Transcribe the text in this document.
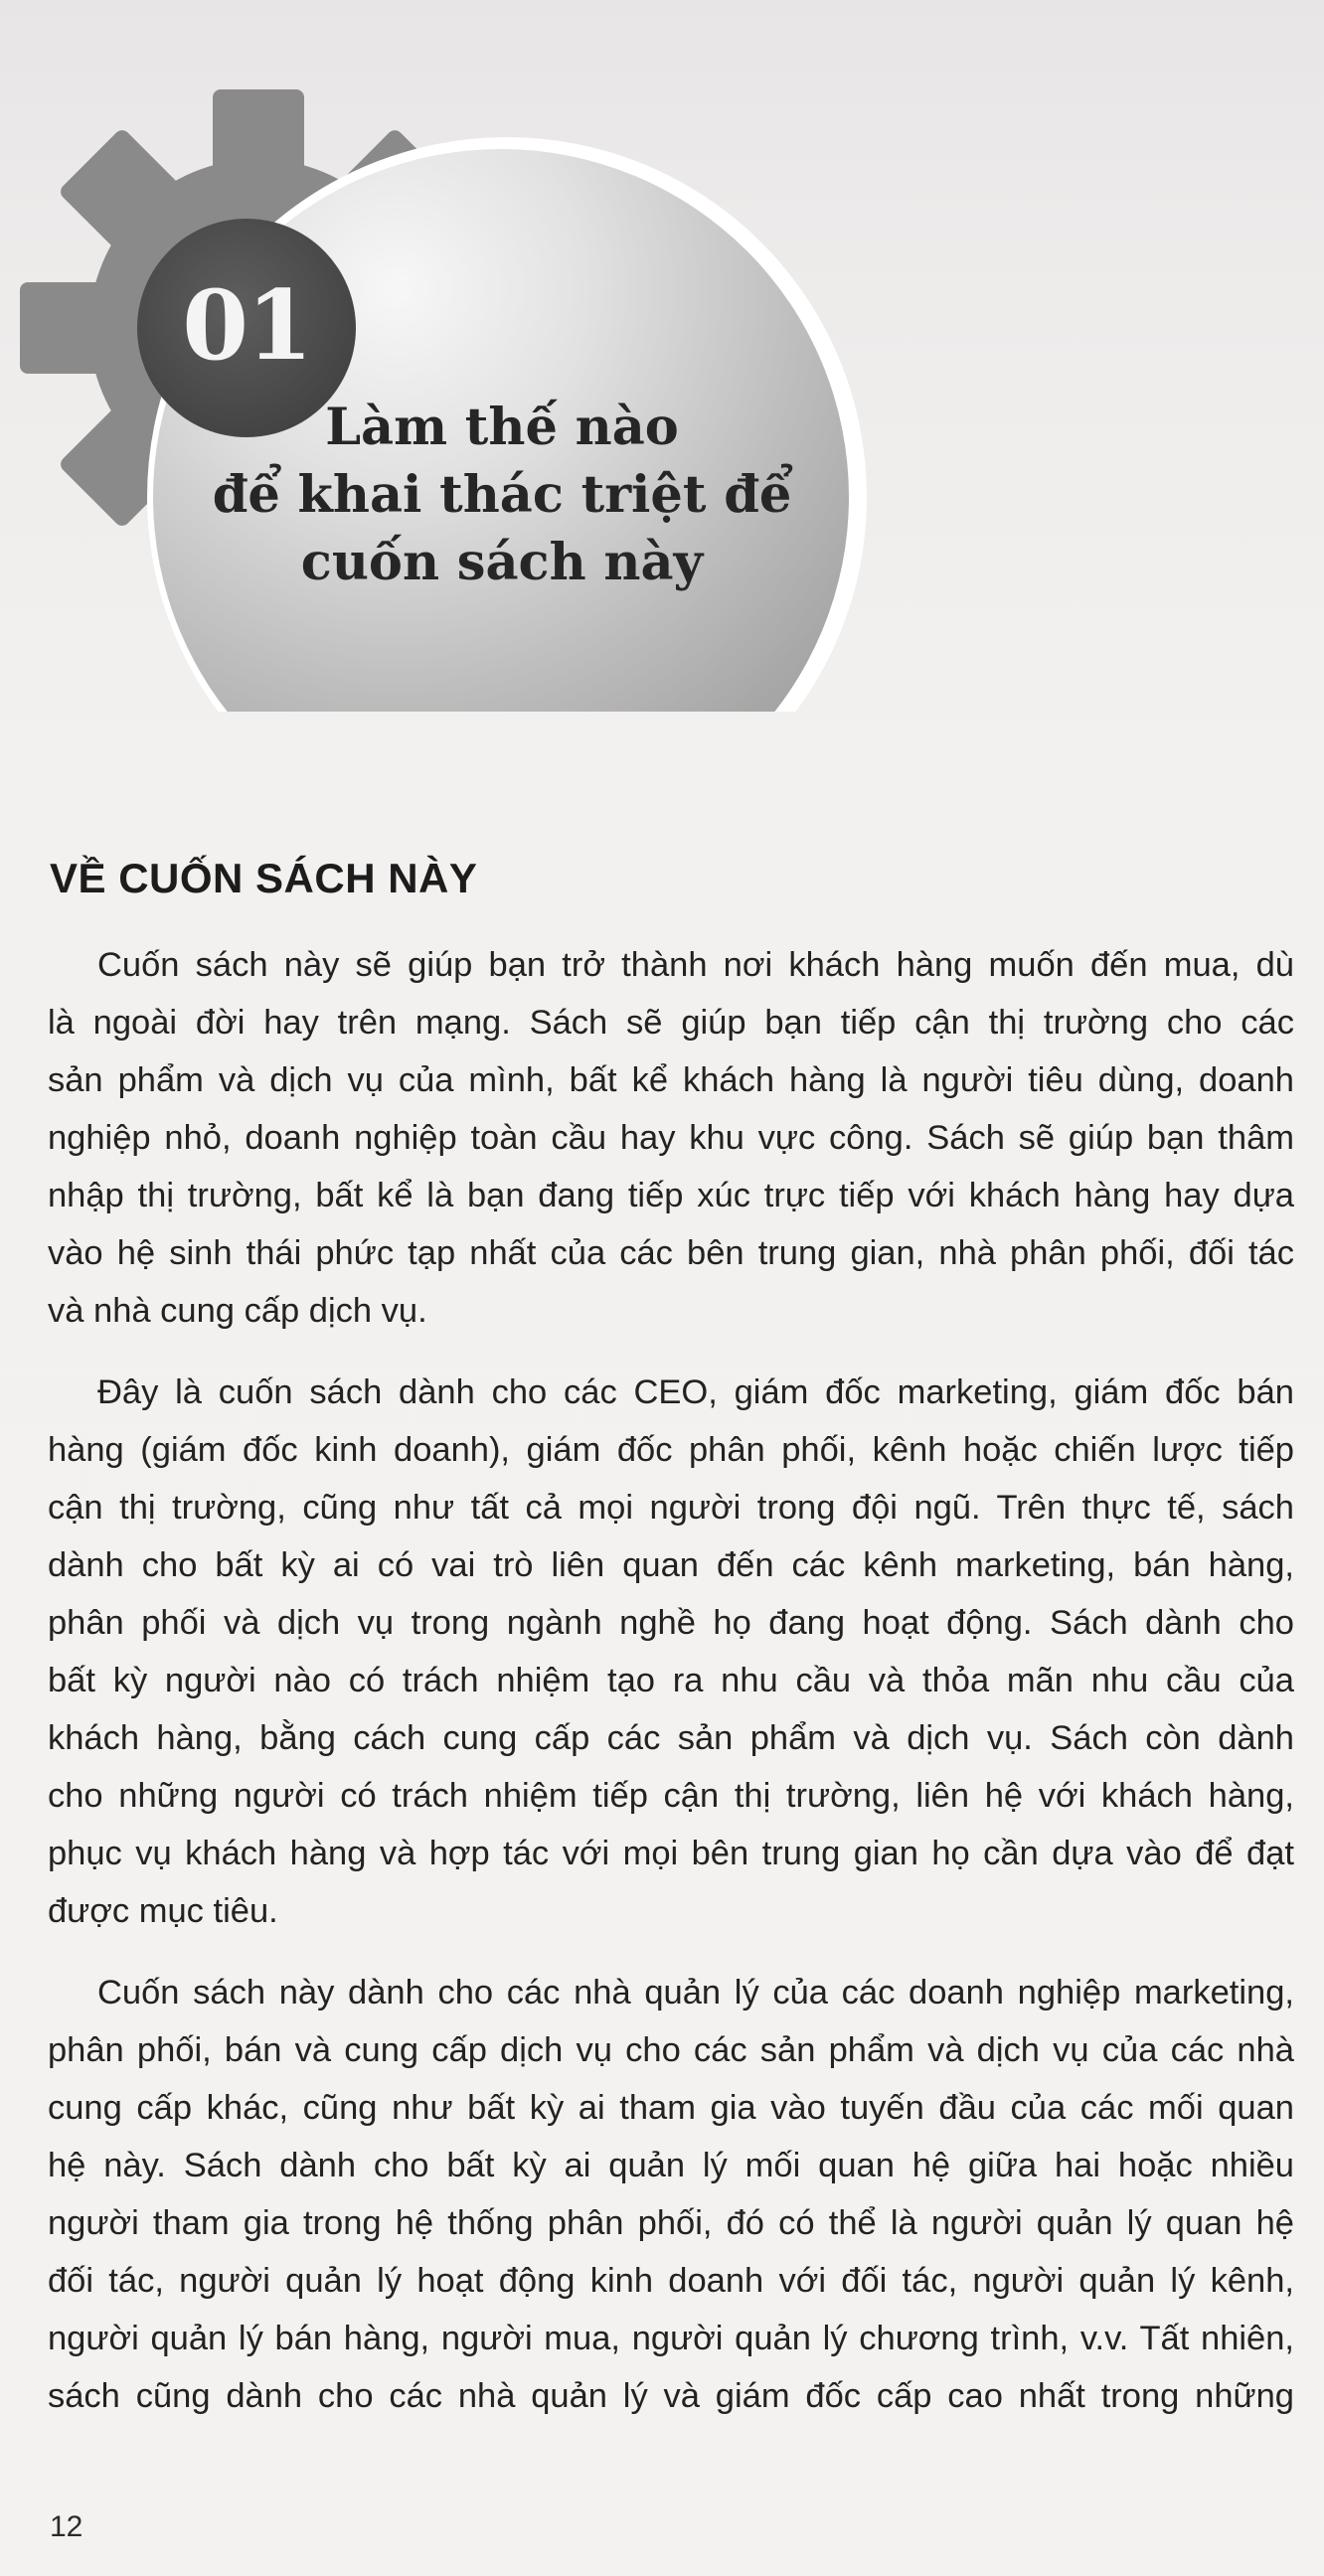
01
Làm thế nào
để khai thác triệt để
cuốn sách này
VỀ CUỐN SÁCH NÀY
Cuốn sách này sẽ giúp bạn trở thành nơi khách hàng muốn đến mua, dù
là ngoài đời hay trên mạng. Sách sẽ giúp bạn tiếp cận thị trường cho các
sản phẩm và dịch vụ của mình, bất kể khách hàng là người tiêu dùng, doanh
nghiệp nhỏ, doanh nghiệp toàn cầu hay khu vực công. Sách sẽ giúp bạn thâm
nhập thị trường, bất kể là bạn đang tiếp xúc trực tiếp với khách hàng hay dựa
vào hệ sinh thái phức tạp nhất của các bên trung gian, nhà phân phối, đối tác
và nhà cung cấp dịch vụ.
Đây là cuốn sách dành cho các CEO, giám đốc marketing, giám đốc bán
hàng (giám đốc kinh doanh), giám đốc phân phối, kênh hoặc chiến lược tiếp
cận thị trường, cũng như tất cả mọi người trong đội ngũ. Trên thực tế, sách
dành cho bất kỳ ai có vai trò liên quan đến các kênh marketing, bán hàng,
phân phối và dịch vụ trong ngành nghề họ đang hoạt động. Sách dành cho
bất kỳ người nào có trách nhiệm tạo ra nhu cầu và thỏa mãn nhu cầu của
khách hàng, bằng cách cung cấp các sản phẩm và dịch vụ. Sách còn dành
cho những người có trách nhiệm tiếp cận thị trường, liên hệ với khách hàng,
phục vụ khách hàng và hợp tác với mọi bên trung gian họ cần dựa vào để đạt
được mục tiêu.
Cuốn sách này dành cho các nhà quản lý của các doanh nghiệp marketing,
phân phối, bán và cung cấp dịch vụ cho các sản phẩm và dịch vụ của các nhà
cung cấp khác, cũng như bất kỳ ai tham gia vào tuyến đầu của các mối quan
hệ này. Sách dành cho bất kỳ ai quản lý mối quan hệ giữa hai hoặc nhiều
người tham gia trong hệ thống phân phối, đó có thể là người quản lý quan hệ
đối tác, người quản lý hoạt động kinh doanh với đối tác, người quản lý kênh,
người quản lý bán hàng, người mua, người quản lý chương trình, v.v. Tất nhiên,
sách cũng dành cho các nhà quản lý và giám đốc cấp cao nhất trong những
12
